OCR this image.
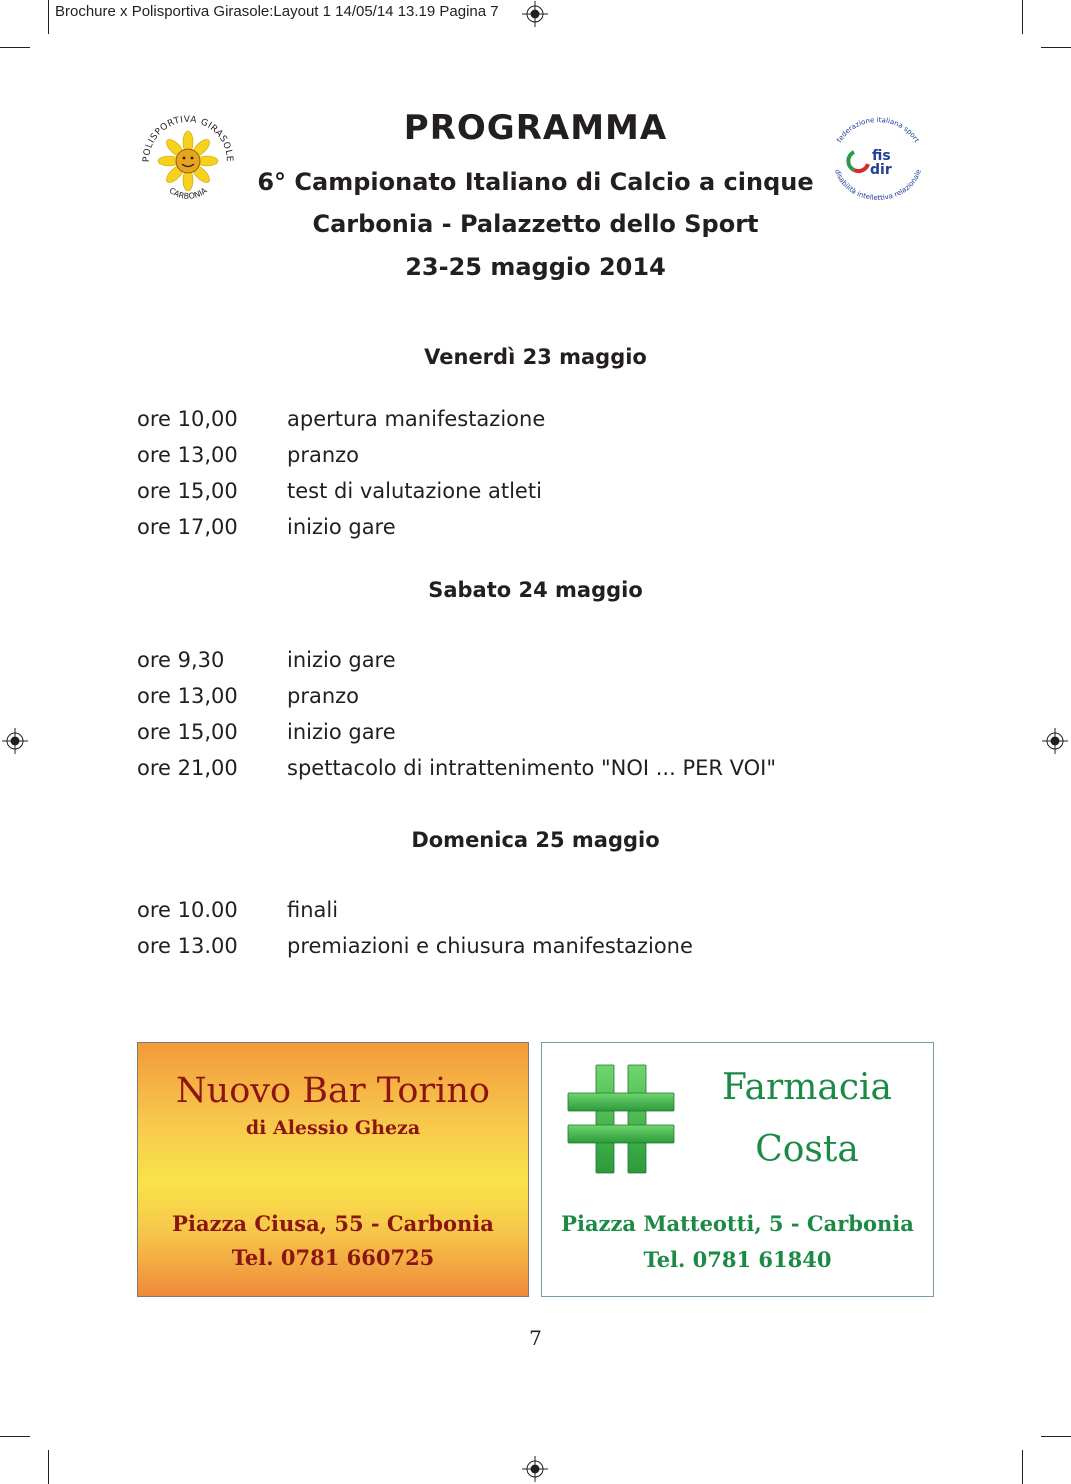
Brochure x Polisportiva Girasole:Layout 1 14/05/14 13.19 Pagina 7
POLISPORTIVA GIRASOLE
CARBONIA
federazione italiana sport
disabilità intellettiva relazionale
fis
dir
PROGRAMMA
6° Campionato Italiano di Calcio a cinque
Carbonia - Palazzetto dello Sport
23-25 maggio 2014
Venerdì 23 maggio
ore 10,00 apertura manifestazione
ore 13,00 pranzo
ore 15,00 test di valutazione atleti
ore 17,00 inizio gare
Sabato 24 maggio
ore 9,30	inizio gare
ore 13,00 pranzo
ore 15,00 inizio gare
ore 21,00 spettacolo di intrattenimento "NOI ... PER VOI"
Domenica 25 maggio
ore 10.00 finali
ore 13.00 premiazioni e chiusura manifestazione
Nuovo Bar Torino
di Alessio Gheza
Piazza Ciusa, 55 - Carbonia
Tel. 0781 660725
Farmacia
Costa
Piazza Matteotti, 5 - Carbonia
Tel. 0781 61840
7
